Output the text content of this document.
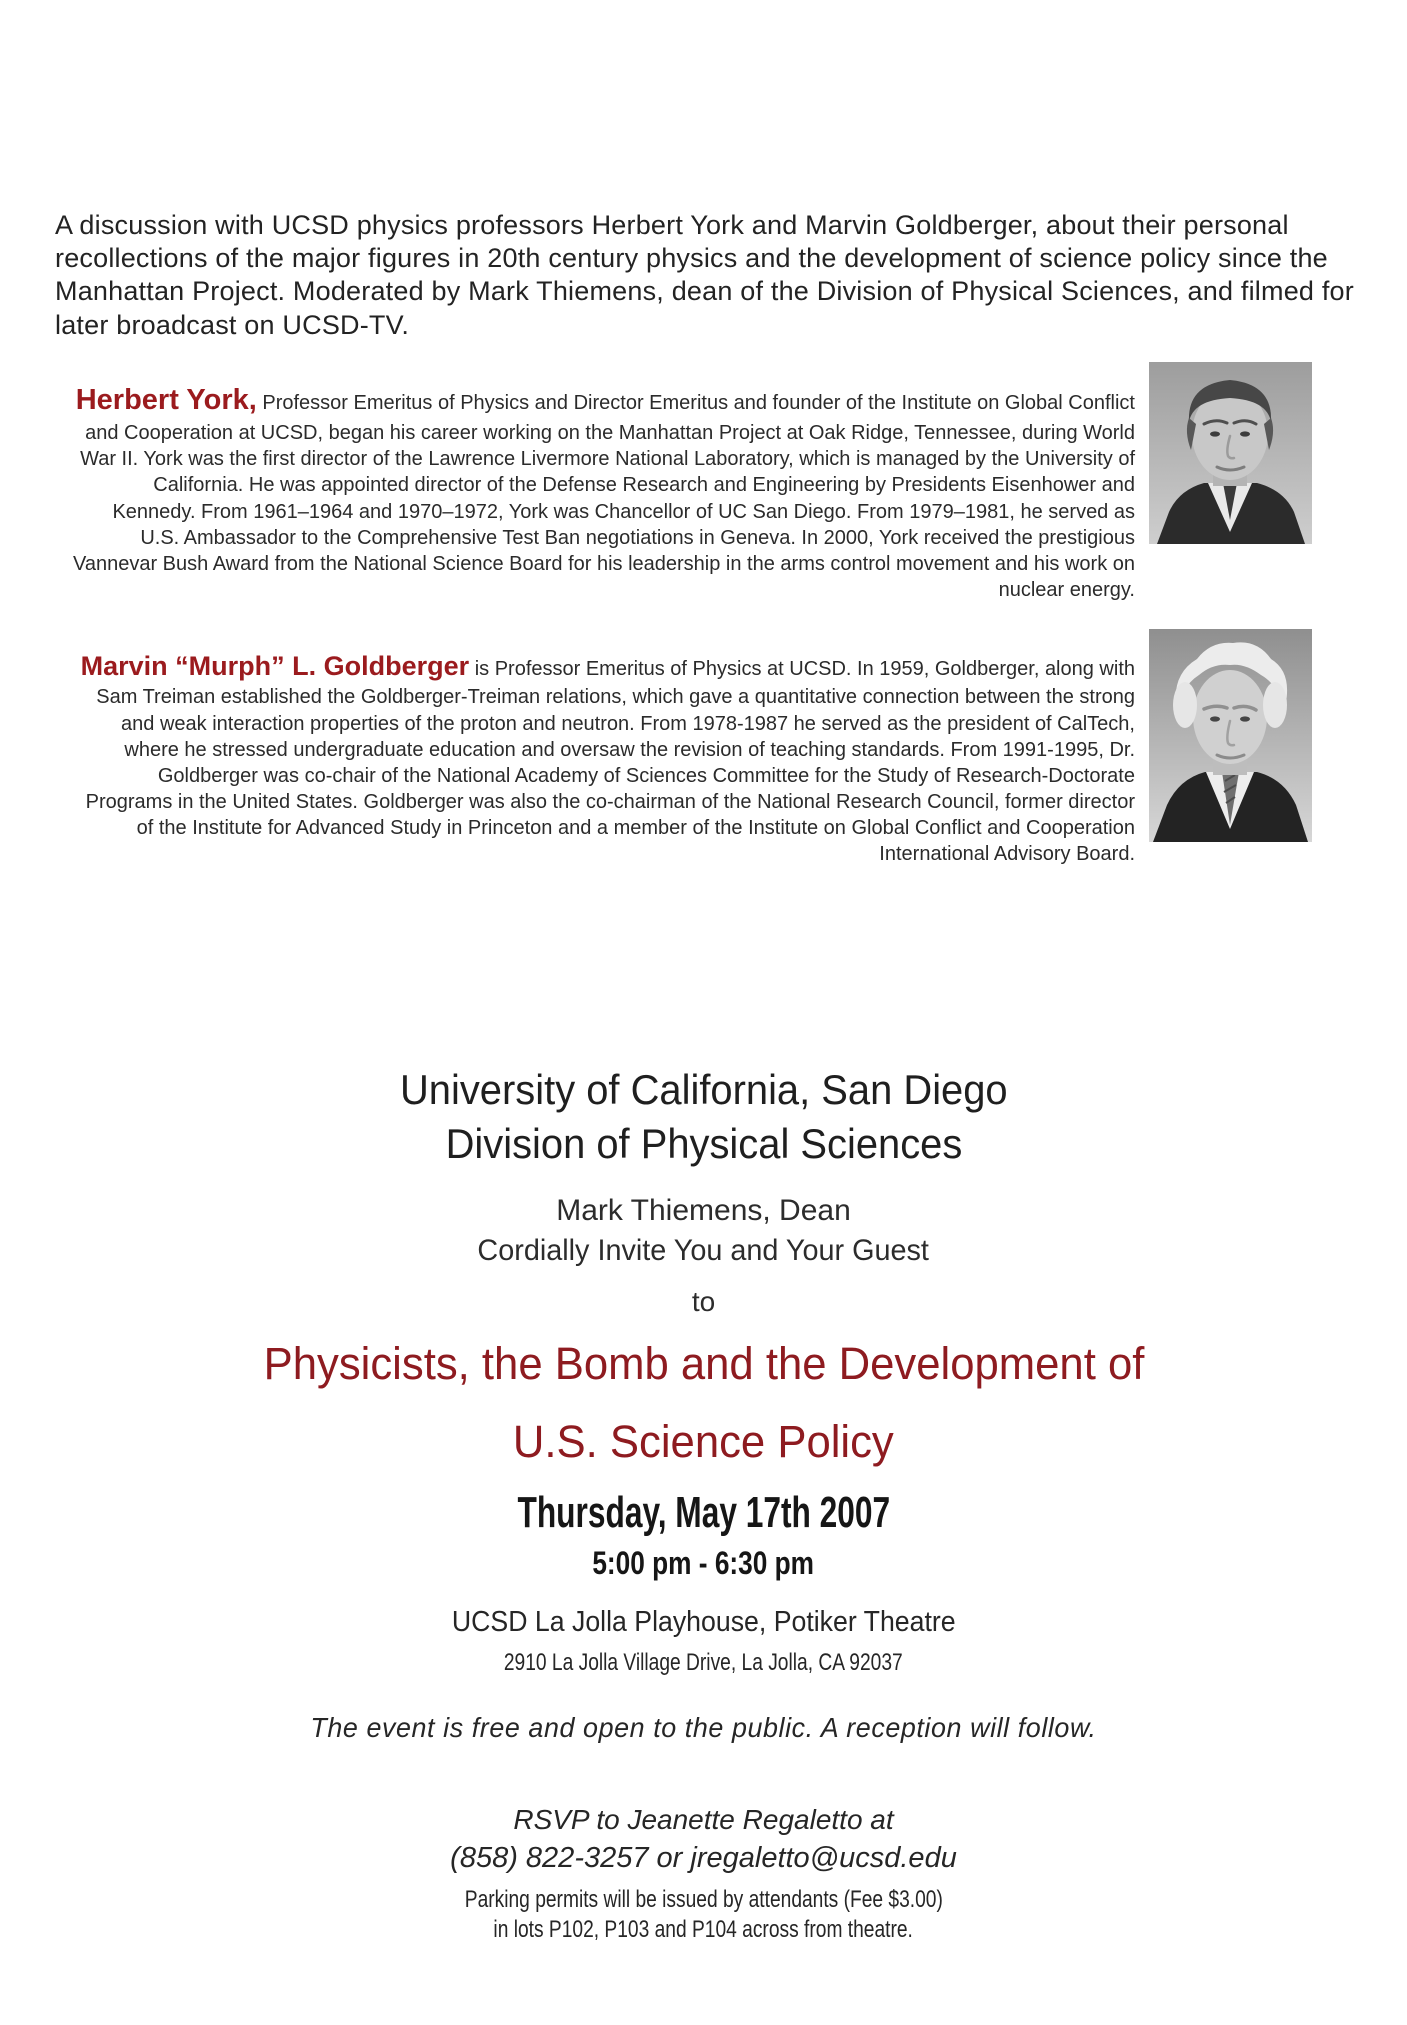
A discussion with UCSD physics professors Herbert York and Marvin Goldberger, about their personal recollections of the major figures in 20th century physics and the development of science policy since the Manhattan Project. Moderated by Mark Thiemens, dean of the Division of Physical Sciences, and filmed for later broadcast on UCSD-TV.

Herbert York, Professor Emeritus of Physics and Director Emeritus and founder of the Institute on Global Conflict and Cooperation at UCSD, began his career working on the Manhattan Project at Oak Ridge, Tennessee, during World War II. York was the first director of the Lawrence Livermore National Laboratory, which is managed by the University of California. He was appointed director of the Defense Research and Engineering by Presidents Eisenhower and Kennedy. From 1961–1964 and 1970–1972, York was Chancellor of UC San Diego. From 1979–1981, he served as U.S. Ambassador to the Comprehensive Test Ban negotiations in Geneva. In 2000, York received the prestigious Vannevar Bush Award from the National Science Board for his leadership in the arms control movement and his work on nuclear energy.

Marvin “Murph” L. Goldberger is Professor Emeritus of Physics at UCSD. In 1959, Goldberger, along with Sam Treiman established the Goldberger-Treiman relations, which gave a quantitative connection between the strong and weak interaction properties of the proton and neutron. From 1978-1987 he served as the president of CalTech, where he stressed undergraduate education and oversaw the revision of teaching standards. From 1991-1995, Dr. Goldberger was co-chair of the National Academy of Sciences Committee for the Study of Research-Doctorate Programs in the United States. Goldberger was also the co-chairman of the National Research Council, former director of the Institute for Advanced Study in Princeton and a member of the Institute on Global Conflict and Cooperation International Advisory Board.

University of California, San Diego
Division of Physical Sciences
Mark Thiemens, Dean
Cordially Invite You and Your Guest
to
Physicists, the Bomb and the Development of
U.S. Science Policy
Thursday, May 17th 2007
5:00 pm - 6:30 pm
UCSD La Jolla Playhouse, Potiker Theatre
2910 La Jolla Village Drive, La Jolla, CA 92037
The event is free and open to the public. A reception will follow.
RSVP to Jeanette Regaletto at
(858) 822-3257 or jregaletto@ucsd.edu
Parking permits will be issued by attendants (Fee $3.00)
in lots P102, P103 and P104 across from theatre.
